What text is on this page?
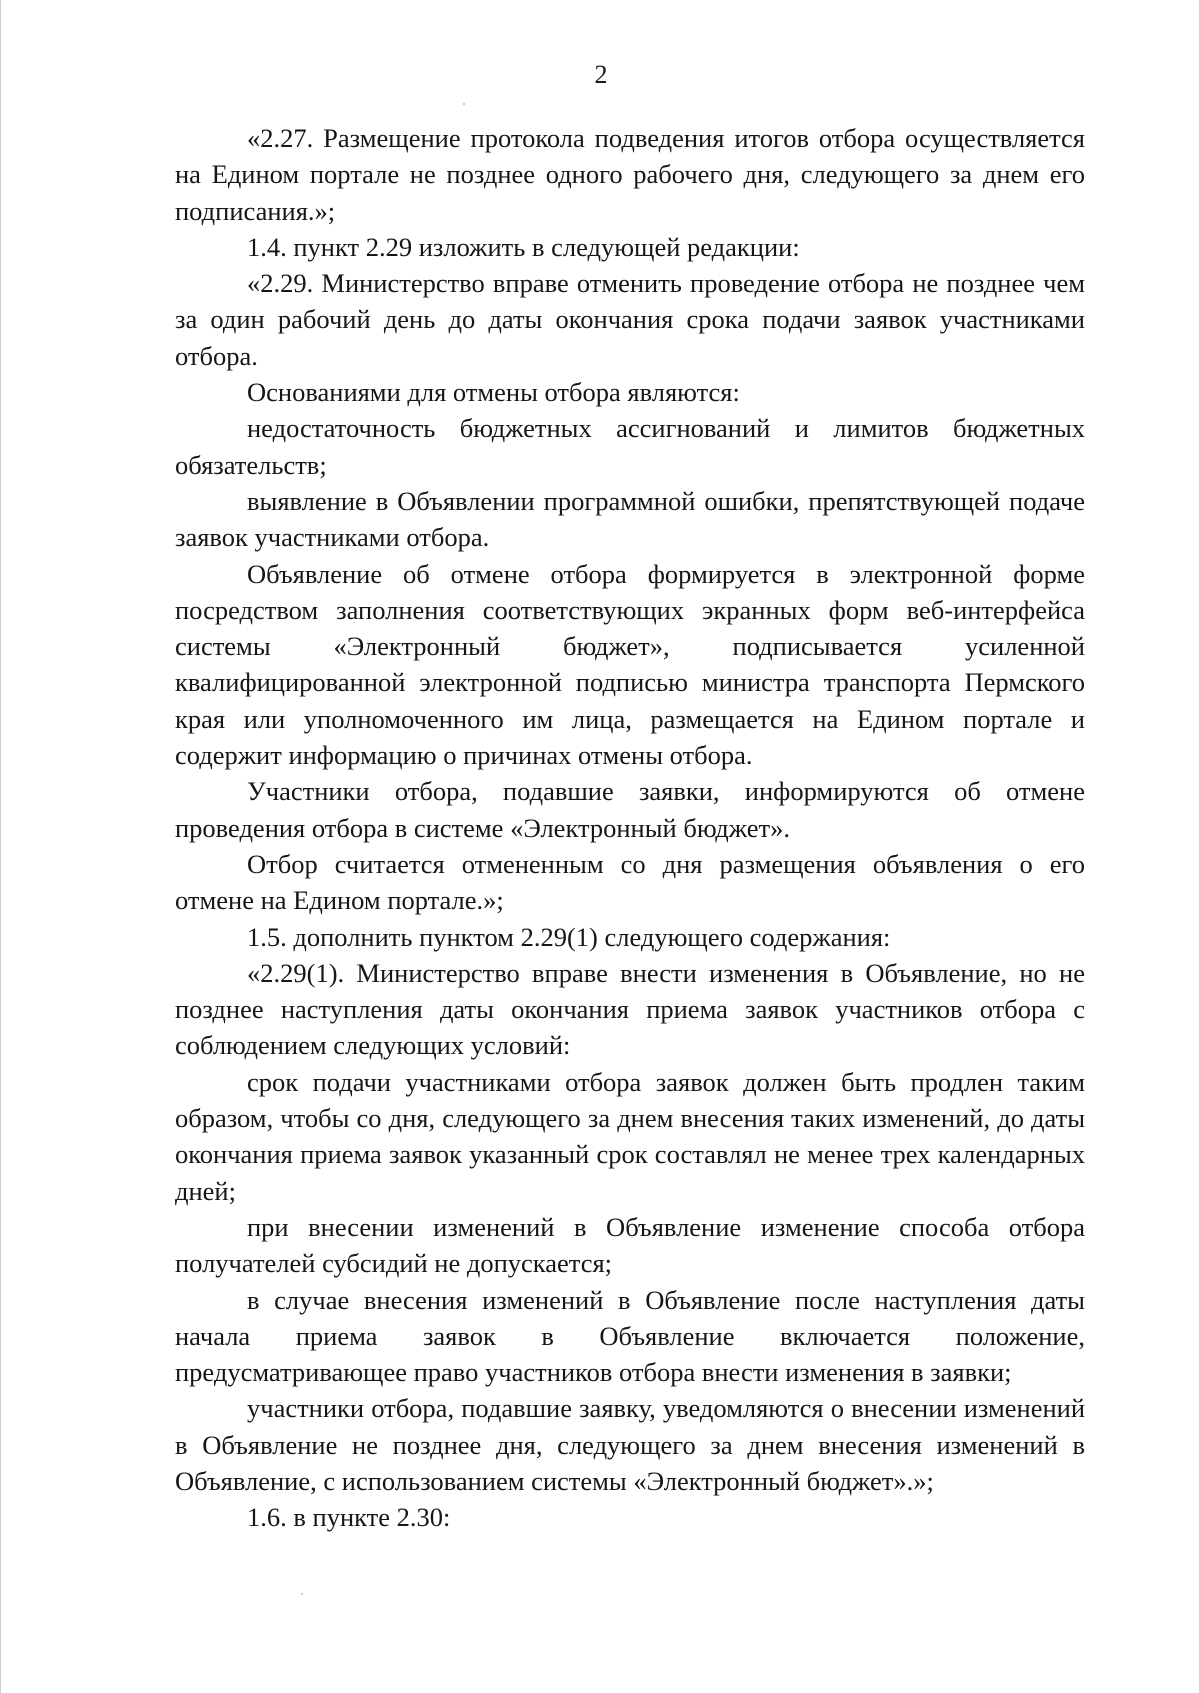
2

«2.27. Размещение протокола подведения итогов отбора осуществляется на Едином портале не позднее одного рабочего дня, следующего за днем его подписания.»;

1.4. пункт 2.29 изложить в следующей редакции:

«2.29. Министерство вправе отменить проведение отбора не позднее чем за один рабочий день до даты окончания срока подачи заявок участниками отбора.

Основаниями для отмены отбора являются:

недостаточность бюджетных ассигнований и лимитов бюджетных обязательств;

выявление в Объявлении программной ошибки, препятствующей подаче заявок участниками отбора.

Объявление об отмене отбора формируется в электронной форме посредством заполнения соответствующих экранных форм веб-интерфейса системы «Электронный бюджет», подписывается усиленной квалифицированной электронной подписью министра транспорта Пермского края или уполномоченного им лица, размещается на Едином портале и содержит информацию о причинах отмены отбора.

Участники отбора, подавшие заявки, информируются об отмене проведения отбора в системе «Электронный бюджет».

Отбор считается отмененным со дня размещения объявления о его отмене на Едином портале.»;

1.5. дополнить пунктом 2.29(1) следующего содержания:

«2.29(1). Министерство вправе внести изменения в Объявление, но не позднее наступления даты окончания приема заявок участников отбора с соблюдением следующих условий:

срок подачи участниками отбора заявок должен быть продлен таким образом, чтобы со дня, следующего за днем внесения таких изменений, до даты окончания приема заявок указанный срок составлял не менее трех календарных дней;

при внесении изменений в Объявление изменение способа отбора получателей субсидий не допускается;

в случае внесения изменений в Объявление после наступления даты начала приема заявок в Объявление включается положение, предусматривающее право участников отбора внести изменения в заявки;

участники отбора, подавшие заявку, уведомляются о внесении изменений в Объявление не позднее дня, следующего за днем внесения изменений в Объявление, с использованием системы «Электронный бюджет».»;

1.6. в пункте 2.30:
